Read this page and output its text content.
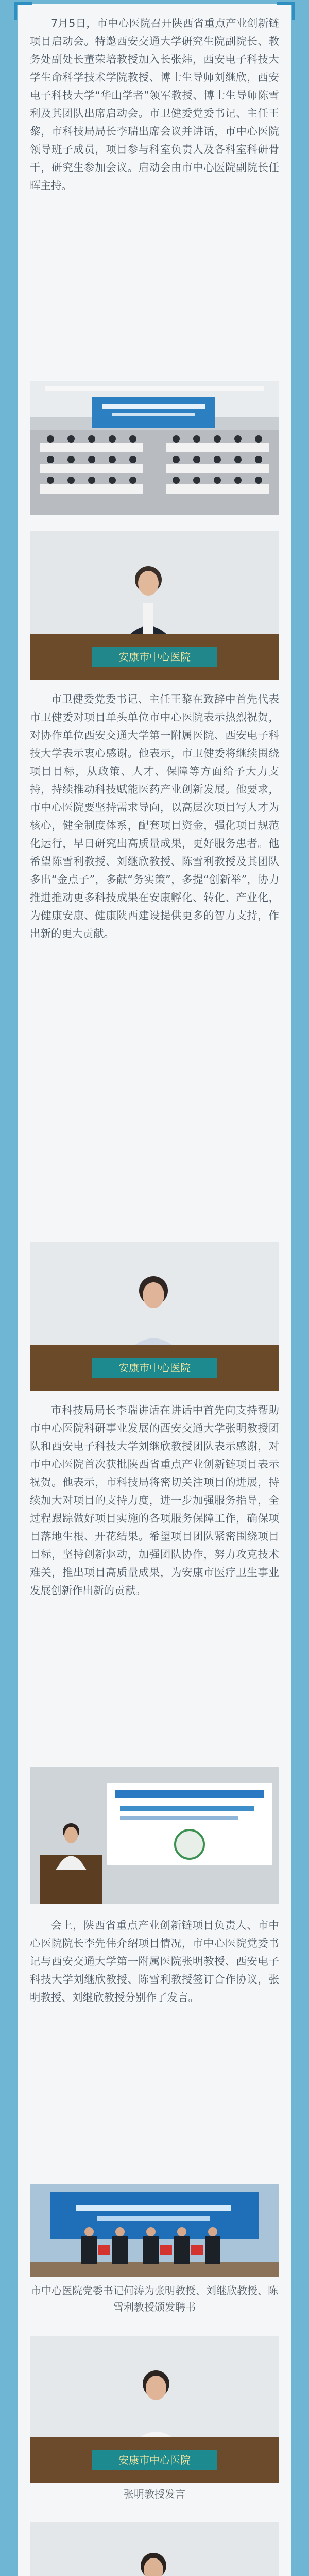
7月5日，市中心医院召开陕西省重点产业创新链项目启动会。特邀西安交通大学研究生院副院长、教务处副处长董荣培教授加入长张炜，西安电子科技大学生命科学技术学院教授、博士生导师刘继欣，西安电子科技大学“华山学者”领军教授、博士生导师陈雪利及其团队出席启动会。市卫健委党委书记、主任王黎，市科技局局长李瑞出席会议并讲话，市中心医院领导班子成员，项目参与科室负责人及各科室科研骨干，研究生参加会议。启动会由市中心医院副院长任晖主持。

安康市中心医院

市卫健委党委书记、主任王黎在致辞中首先代表市卫健委对项目单头单位市中心医院表示热烈祝贺，对协作单位西安交通大学第一附属医院、西安电子科技大学表示衷心感谢。他表示，市卫健委将继续围绕项目目标，从政策、人才、保障等方面给予大力支持，持续推动科技赋能医药产业创新发展。他要求，市中心医院要坚持需求导向，以高层次项目写人才为核心，健全制度体系，配套项目资金，强化项目规范化运行，早日研究出高质量成果，更好服务患者。他希望陈雪利教授、刘继欣教授、陈雪利教授及其团队多出“金点子”，多献“务实策”，多提“创新举”，协力推进推动更多科技成果在安康孵化、转化、产业化，为健康安康、健康陕西建设提供更多的智力支持，作出新的更大贡献。

安康市中心医院

市科技局局长李瑞讲话在讲话中首先向支持帮助市中心医院科研事业发展的西安交通大学张明教授团队和西安电子科技大学刘继欣教授团队表示感谢，对市中心医院首次获批陕西省重点产业创新链项目表示祝贺。他表示，市科技局将密切关注项目的进展，持续加大对项目的支持力度，进一步加强服务指导，全过程跟踪做好项目实施的各项服务保障工作，确保项目落地生根、开花结果。希望项目团队紧密围绕项目目标，坚持创新驱动，加强团队协作，努力攻克技术难关，推出项目高质量成果，为安康市医疗卫生事业发展创新作出新的贡献。

会上，陕西省重点产业创新链项目负责人、市中心医院院长李先伟介绍项目情况，市中心医院党委书记与西安交通大学第一附属医院张明教授、西安电子科技大学刘继欣教授、陈雪利教授签订合作协议，张明教授、刘继欣教授分别作了发言。

市中心医院党委书记何涛为张明教授、刘继欣教授、陈雪利教授颁发聘书

安康市中心医院

张明教授发言
